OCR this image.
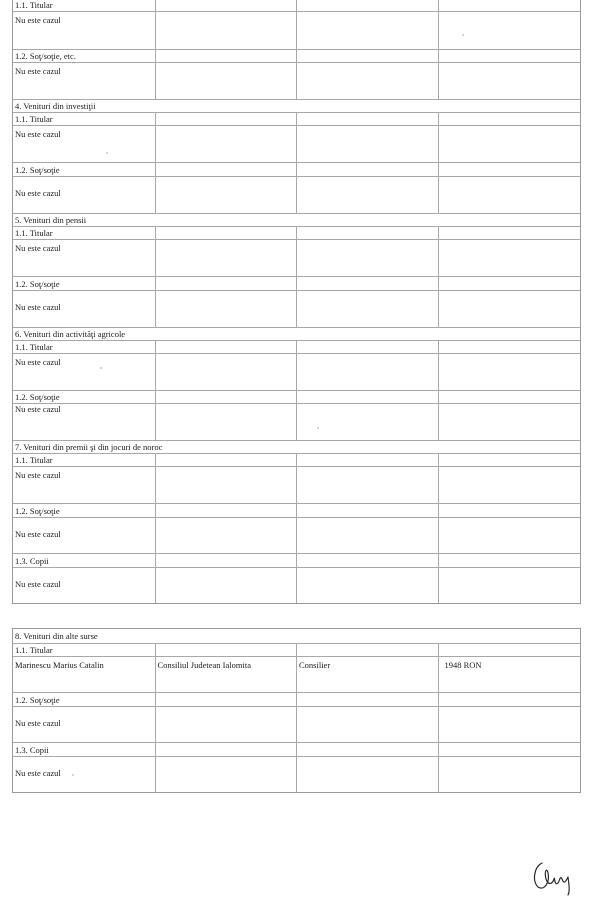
1.1. Titular
Nu este cazul
1.2. Soţ/soţie, etc.
Nu este cazul
4. Venituri din investiţii
1.1. Titular
Nu este cazul
1.2. Soţ/soţie
Nu este cazul
5. Venituri din pensii
1.1. Titular
Nu este cazul
1.2. Soţ/soţie
Nu este cazul
6. Venituri din activităţi agricole
1.1. Titular
Nu este cazul
1.2. Soţ/soţie
Nu este cazul
7. Venituri din premii şi din jocuri de noroc
1.1. Titular
Nu este cazul
1.2. Soţ/soţie
Nu este cazul
1.3. Copii
Nu este cazul
8. Venituri din alte surse
1.1. Titular
Marinescu Marius Catalin	Consiliul Judetean Ialomita	Consilier	1948 RON
1.2. Soţ/soţie
Nu este cazul
1.3. Copii
Nu este cazul
